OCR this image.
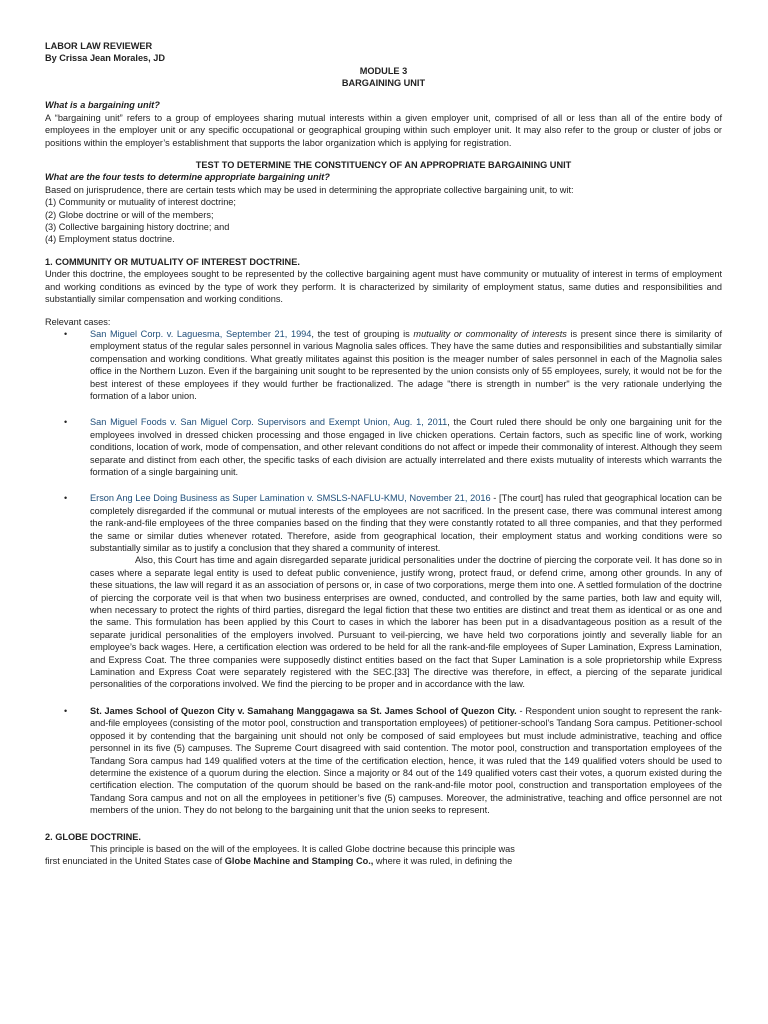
LABOR LAW REVIEWER
By Crissa Jean Morales, JD
MODULE 3
BARGAINING UNIT
What is a bargaining unit?

A “bargaining unit” refers to a group of employees sharing mutual interests within a given employer unit, comprised of all or less than all of the entire body of employees in the employer unit or any specific occupational or geographical grouping within such employer unit. It may also refer to the group or cluster of jobs or positions within the employer’s establishment that supports the labor organization which is applying for registration.

TEST TO DETERMINE THE CONSTITUENCY OF AN APPROPRIATE BARGAINING UNIT
What are the four tests to determine appropriate bargaining unit?

Based on jurisprudence, there are certain tests which may be used in determining the appropriate collective bargaining unit, to wit:

(1) Community or mutuality of interest doctrine;
(2) Globe doctrine or will of the members;
(3) Collective bargaining history doctrine; and
(4) Employment status doctrine.
1. COMMUNITY OR MUTUALITY OF INTEREST DOCTRINE.

Under this doctrine, the employees sought to be represented by the collective bargaining agent must have community or mutuality of interest in terms of employment and working conditions as evinced by the type of work they perform. It is characterized by similarity of employment status, same duties and responsibilities and substantially similar compensation and working conditions.

Relevant cases:
• San Miguel Corp. v. Laguesma, September 21, 1994, the test of grouping is mutuality or commonality of interests is present since there is similarity of employment status of the regular sales personnel in various Magnolia sales offices. They have the same duties and responsibilities and substantially similar compensation and working conditions. What greatly militates against this position is the meager number of sales personnel in each of the Magnolia sales office in the Northern Luzon. Even if the bargaining unit sought to be represented by the union consists only of 55 employees, surely, it would not be for the best interest of these employees if they would further be fractionalized. The adage "there is strength in number" is the very rationale underlying the formation of a labor union.
• San Miguel Foods v. San Miguel Corp. Supervisors and Exempt Union, Aug. 1, 2011, the Court ruled there should be only one bargaining unit for the employees involved in dressed chicken processing and those engaged in live chicken operations. Certain factors, such as specific line of work, working conditions, location of work, mode of compensation, and other relevant conditions do not affect or impede their commonality of interest. Although they seem separate and distinct from each other, the specific tasks of each division are actually interrelated and there exists mutuality of interests which warrants the formation of a single bargaining unit.
• Erson Ang Lee Doing Business as Super Lamination v. SMSLS-NAFLU-KMU, November 21, 2016 - [The court] has ruled that geographical location can be completely disregarded if the communal or mutual interests of the employees are not sacrificed. In the present case, there was communal interest among the rank-and-file employees of the three companies based on the finding that they were constantly rotated to all three companies, and that they performed the same or similar duties whenever rotated. Therefore, aside from geographical location, their employment status and working conditions were so substantially similar as to justify a conclusion that they shared a community of interest.

Also, this Court has time and again disregarded separate juridical personalities under the doctrine of piercing the corporate veil. It has done so in cases where a separate legal entity is used to defeat public convenience, justify wrong, protect fraud, or defend crime, among other grounds. In any of these situations, the law will regard it as an association of persons or, in case of two corporations, merge them into one. A settled formulation of the doctrine of piercing the corporate veil is that when two business enterprises are owned, conducted, and controlled by the same parties, both law and equity will, when necessary to protect the rights of third parties, disregard the legal fiction that these two entities are distinct and treat them as identical or as one and the same. This formulation has been applied by this Court to cases in which the laborer has been put in a disadvantageous position as a result of the separate juridical personalities of the employers involved. Pursuant to veil-piercing, we have held two corporations jointly and severally liable for an employee’s back wages. Here, a certification election was ordered to be held for all the rank-and-file employees of Super Lamination, Express Lamination, and Express Coat. The three companies were supposedly distinct entities based on the fact that Super Lamination is a sole proprietorship while Express Lamination and Express Coat were separately registered with the SEC.[33] The directive was therefore, in effect, a piercing of the separate juridical personalities of the corporations involved. We find the piercing to be proper and in accordance with the law.

• St. James School of Quezon City v. Samahang Manggagawa sa St. James School of Quezon City. - Respondent union sought to represent the rank-and-file employees (consisting of the motor pool, construction and transportation employees) of petitioner-school’s Tandang Sora campus. Petitioner-school opposed it by contending that the bargaining unit should not only be composed of said employees but must include administrative, teaching and office personnel in its five (5) campuses. The Supreme Court disagreed with said contention. The motor pool, construction and transportation employees of the Tandang Sora campus had 149 qualified voters at the time of the certification election, hence, it was ruled that the 149 qualified voters should be used to determine the existence of a quorum during the election. Since a majority or 84 out of the 149 qualified voters cast their votes, a quorum existed during the certification election. The computation of the quorum should be based on the rank-and-file motor pool, construction and transportation employees of the Tandang Sora campus and not on all the employees in petitioner’s five (5) campuses. Moreover, the administrative, teaching and office personnel are not members of the union. They do not belong to the bargaining unit that the union seeks to represent.
2. GLOBE DOCTRINE.

This principle is based on the will of the employees. It is called Globe doctrine because this principle was

first enunciated in the United States case of Globe Machine and Stamping Co., where it was ruled, in defining the
